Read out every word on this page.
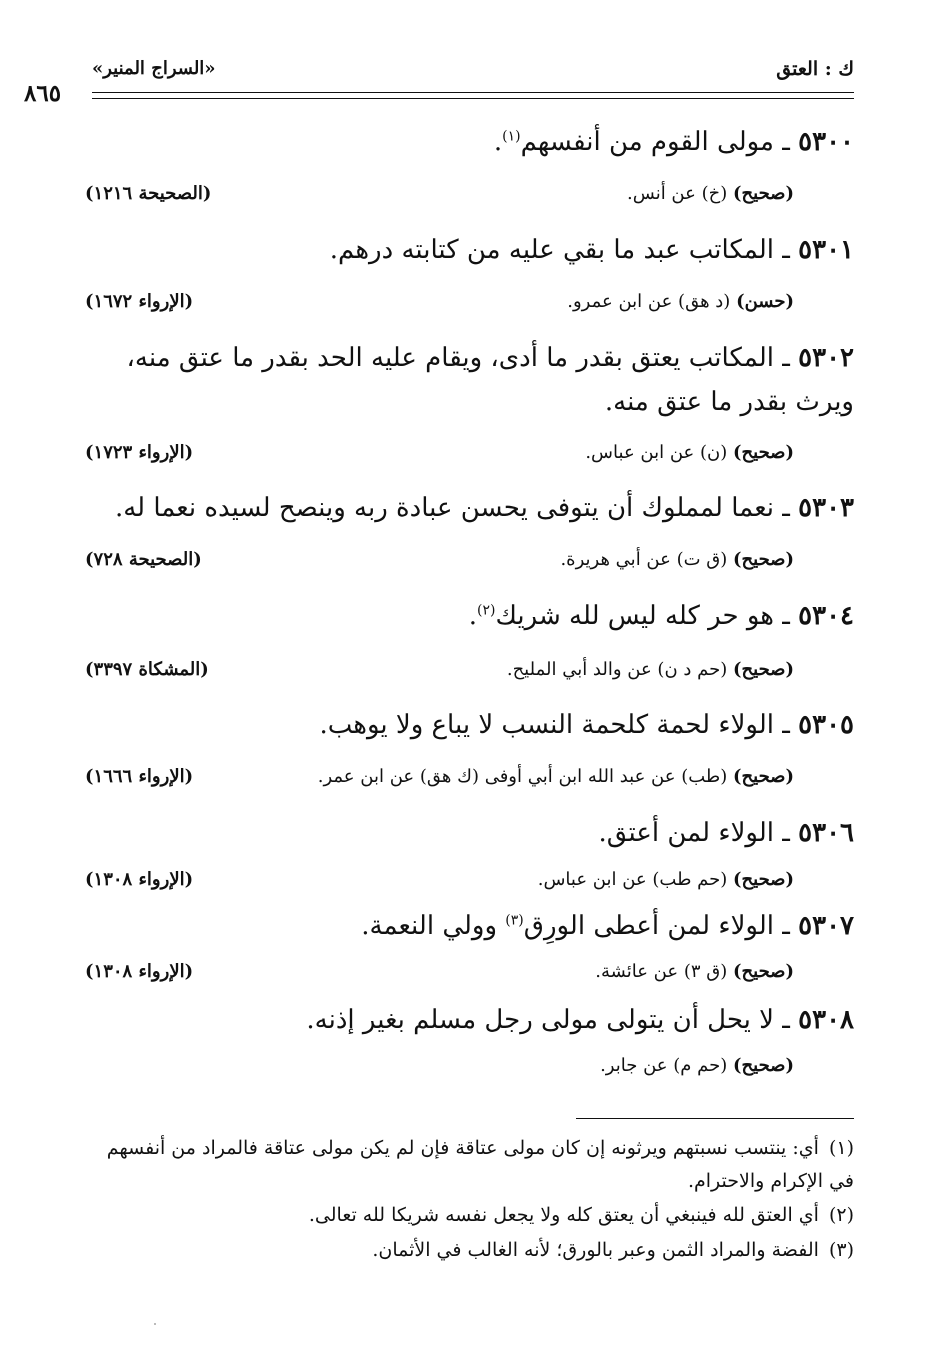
ك : العتق
«السراج المنير»
٨٦٥
٥٣٠٠ ـ مولى القوم من أنفسهم$^{(١)}$.
(صحيح) (خ) عن أنس.
(الصحيحة ١٢١٦)
٥٣٠١ ـ المكاتب عبد ما بقي عليه من كتابته درهم.
(حسن) (د هق) عن ابن عمرو.
(الإرواء ١٦٧٢)
٥٣٠٢ ـ المكاتب يعتق بقدر ما أدى، ويقام عليه الحد بقدر ما عتق منه، ويرث بقدر ما عتق منه.
(صحيح) (ن) عن ابن عباس.
(الإرواء ١٧٢٣)
٥٣٠٣ ـ نعما لمملوك أن يتوفى يحسن عبادة ربه وينصح لسيده نعما له.
(صحيح) (ق ت) عن أبي هريرة.
(الصحيحة ٧٢٨)
٥٣٠٤ ـ هو حر كله ليس لله شريك$^{(٢)}$.
(صحيح) (حم د ن) عن والد أبي المليح.
(المشكاة ٣٣٩٧)
٥٣٠٥ ـ الولاء لحمة كلحمة النسب لا يباع ولا يوهب.
(صحيح) (طب) عن عبد الله ابن أبي أوفى (ك هق) عن ابن عمر.
(الإرواء ١٦٦٦)
٥٣٠٦ ـ الولاء لمن أعتق.
(صحيح) (حم طب) عن ابن عباس.
(الإرواء ١٣٠٨)
٥٣٠٧ ـ الولاء لمن أعطى الورِق$^{(٣)}$ وولي النعمة.
(صحيح) (ق ٣) عن عائشة.
(الإرواء ١٣٠٨)
٥٣٠٨ ـ لا يحل أن يتولى مولى رجل مسلم بغير إذنه.
(صحيح) (حم م) عن جابر.
(١)أي: ينتسب نسبتهم ويرثونه إن كان مولى عتاقة فإن لم يكن مولى عتاقة فالمراد من أنفسهم في الإكرام والاحترام.
(٢)أي العتق لله فينبغي أن يعتق كله ولا يجعل نفسه شريكا لله تعالى.
(٣)الفضة والمراد الثمن وعبر بالورق؛ لأنه الغالب في الأثمان.
